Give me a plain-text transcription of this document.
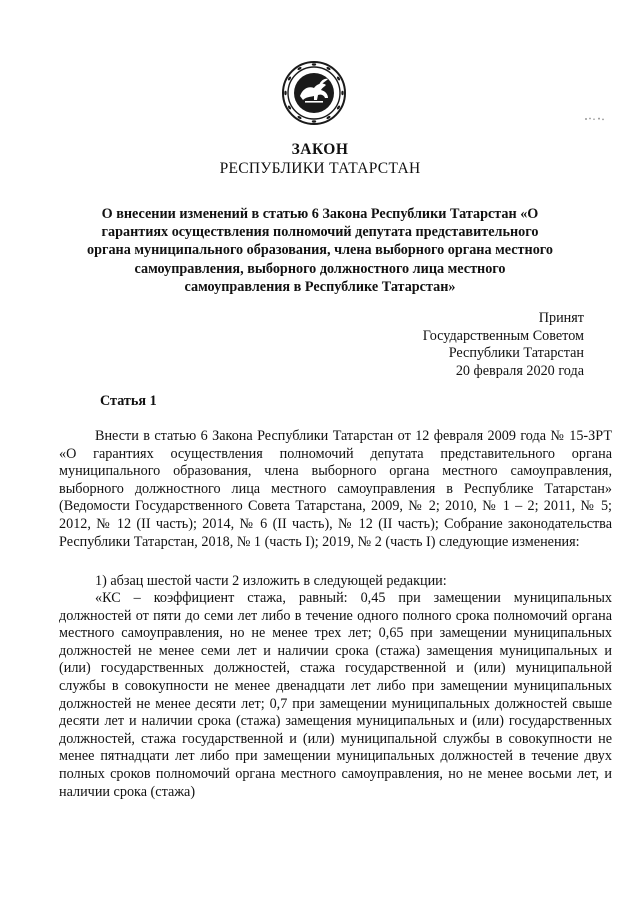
ЗАКОН
РЕСПУБЛИКИ ТАТАРСТАН
О внесении изменений в статью 6 Закона Республики Татарстан «О гарантиях осуществления полномочий депутата представительного органа муниципального образования, члена выборного органа местного самоуправления, выборного должностного лица местного самоуправления в Республике Татарстан»
Принят
Государственным Советом
Республики Татарстан
20 февраля 2020 года
Статья 1
Внести в статью 6 Закона Республики Татарстан от 12 февраля 2009 года № 15-ЗРТ «О гарантиях осуществления полномочий депутата представительного органа муниципального образования, члена выборного органа местного самоуправления, выборного должностного лица местного самоуправления в Республике Татарстан» (Ведомости Государственного Совета Татарстана, 2009, № 2; 2010, № 1 – 2; 2011, № 5; 2012, № 12 (II часть); 2014, № 6 (II часть), № 12 (II часть); Собрание законодательства Республики Татарстан, 2018, № 1 (часть I); 2019, № 2 (часть I) следующие изменения:
1) абзац шестой части 2 изложить в следующей редакции:
«КС – коэффициент стажа, равный: 0,45 при замещении муниципальных должностей от пяти до семи лет либо в течение одного полного срока полномочий органа местного самоуправления, но не менее трех лет; 0,65 при замещении муниципальных должностей не менее семи лет и наличии срока (стажа) замещения муниципальных и (или) государственных должностей, стажа государственной и (или) муниципальной службы в совокупности не менее двенадцати лет либо при замещении муниципальных должностей не менее десяти лет; 0,7 при замещении муниципальных должностей свыше десяти лет и наличии срока (стажа) замещения муниципальных и (или) государственных должностей, стажа государственной и (или) муниципальной службы в совокупности не менее пятнадцати лет либо при замещении муниципальных должностей в течение двух полных сроков полномочий органа местного самоуправления, но не менее восьми лет, и наличии срока (стажа)
